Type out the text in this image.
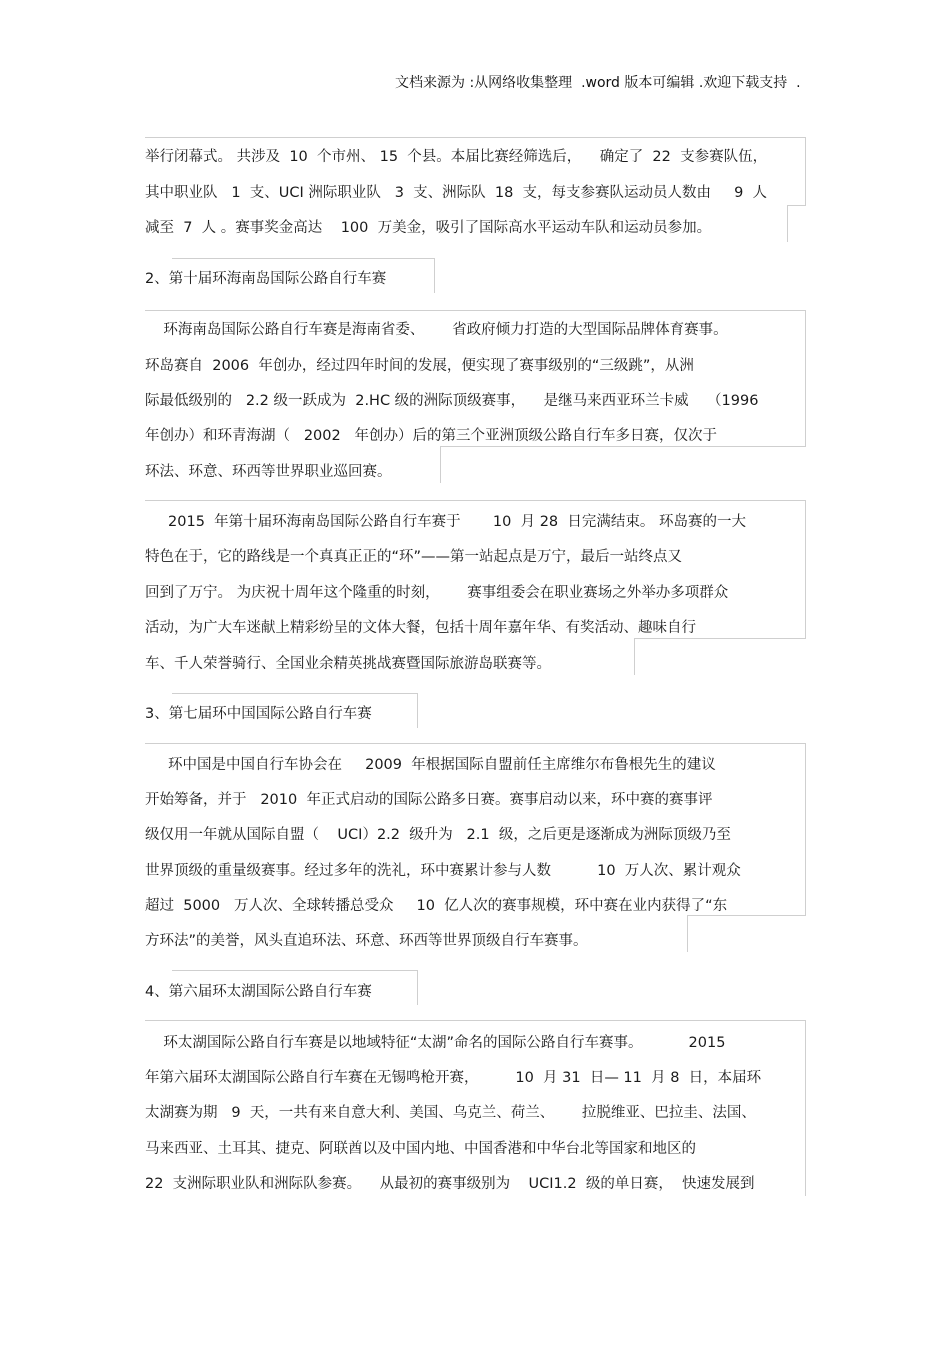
文档来源为 :从网络收集整理  .word 版本可编辑 .欢迎下载支持  .
举行闭幕式。 共涉及  10  个市州、 15  个县。本届比赛经筛选后，    确定了  22  支参赛队伍，
其中职业队   1  支、UCI 洲际职业队   3  支、洲际队  18  支，每支参赛队运动员人数由     9  人
减至  7  人 。赛事奖金高达    100  万美金，吸引了国际高水平运动车队和运动员参加。
2、第十届环海南岛国际公路自行车赛
环海南岛国际公路自行车赛是海南省委、      省政府倾力打造的大型国际品牌体育赛事。
环岛赛自  2006  年创办，经过四年时间的发展，便实现了赛事级别的“三级跳”，从洲
际最低级别的   2.2 级一跃成为  2.HC 级的洲际顶级赛事，    是继马来西亚环兰卡威    （1996
年创办）和环青海湖（   2002   年创办）后的第三个亚洲顶级公路自行车多日赛，仅次于
环法、环意、环西等世界职业巡回赛。
2015  年第十届环海南岛国际公路自行车赛于       10  月 28  日完满结束。 环岛赛的一大
特色在于，它的路线是一个真真正正的“环”——第一站起点是万宁，最后一站终点又
回到了万宁。 为庆祝十周年这个隆重的时刻，      赛事组委会在职业赛场之外举办多项群众
活动，为广大车迷献上精彩纷呈的文体大餐，包括十周年嘉年华、有奖活动、趣味自行
车、千人荣誉骑行、全国业余精英挑战赛暨国际旅游岛联赛等。
3、第七届环中国国际公路自行车赛
环中国是中国自行车协会在     2009  年根据国际自盟前任主席维尔布鲁根先生的建议
开始筹备，并于   2010  年正式启动的国际公路多日赛。赛事启动以来，环中赛的赛事评
级仅用一年就从国际自盟（    UCI）2.2  级升为   2.1  级，之后更是逐渐成为洲际顶级乃至
世界顶级的重量级赛事。经过多年的洗礼，环中赛累计参与人数          10  万人次、累计观众
超过  5000   万人次、全球转播总受众     10  亿人次的赛事规模，环中赛在业内获得了“东
方环法”的美誉，风头直追环法、环意、环西等世界顶级自行车赛事。
4、第六届环太湖国际公路自行车赛
环太湖国际公路自行车赛是以地域特征“太湖”命名的国际公路自行车赛事。          2015
年第六届环太湖国际公路自行车赛在无锡鸣枪开赛，        10  月 31  日— 11  月 8  日，本届环
太湖赛为期   9  天，一共有来自意大利、美国、乌克兰、荷兰、      拉脱维亚、巴拉圭、法国、
马来西亚、土耳其、捷克、阿联酋以及中国内地、中国香港和中华台北等国家和地区的
22  支洲际职业队和洲际队参赛。    从最初的赛事级别为    UCI1.2  级的单日赛，  快速发展到
